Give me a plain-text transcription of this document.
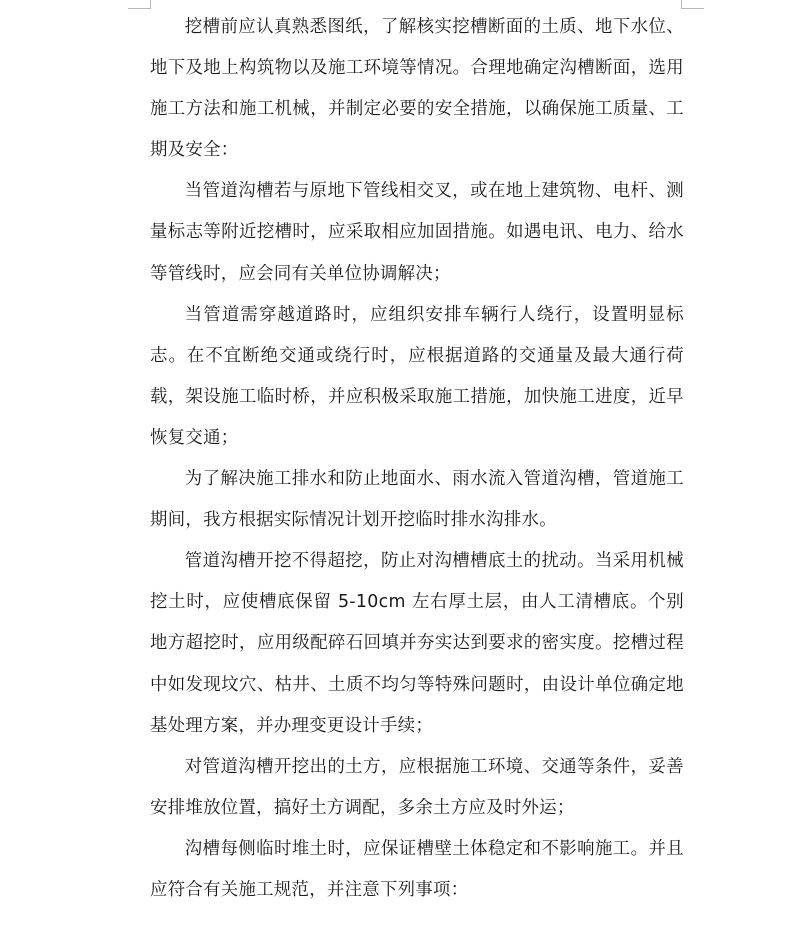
挖槽前应认真熟悉图纸，了解核实挖槽断面的土质、地下水位、地下及地上构筑物以及施工环境等情况。合理地确定沟槽断面，选用施工方法和施工机械，并制定必要的安全措施，以确保施工质量、工期及安全：

当管道沟槽若与原地下管线相交叉，或在地上建筑物、电杆、测量标志等附近挖槽时，应采取相应加固措施。如遇电讯、电力、给水等管线时，应会同有关单位协调解决；

当管道需穿越道路时，应组织安排车辆行人绕行，设置明显标志。在不宜断绝交通或绕行时，应根据道路的交通量及最大通行荷载，架设施工临时桥，并应积极采取施工措施，加快施工进度，近早恢复交通；

为了解决施工排水和防止地面水、雨水流入管道沟槽，管道施工期间，我方根据实际情况计划开挖临时排水沟排水。

管道沟槽开挖不得超挖，防止对沟槽槽底土的扰动。当采用机械挖土时，应使槽底保留 5-10cm 左右厚土层，由人工清槽底。个别地方超挖时，应用级配碎石回填并夯实达到要求的密实度。挖槽过程中如发现坟穴、枯井、土质不均匀等特殊问题时，由设计单位确定地基处理方案，并办理变更设计手续；

对管道沟槽开挖出的土方，应根据施工环境、交通等条件，妥善安排堆放位置，搞好土方调配，多余土方应及时外运；

沟槽每侧临时堆土时，应保证槽壁土体稳定和不影响施工。并且应符合有关施工规范，并注意下列事项：
